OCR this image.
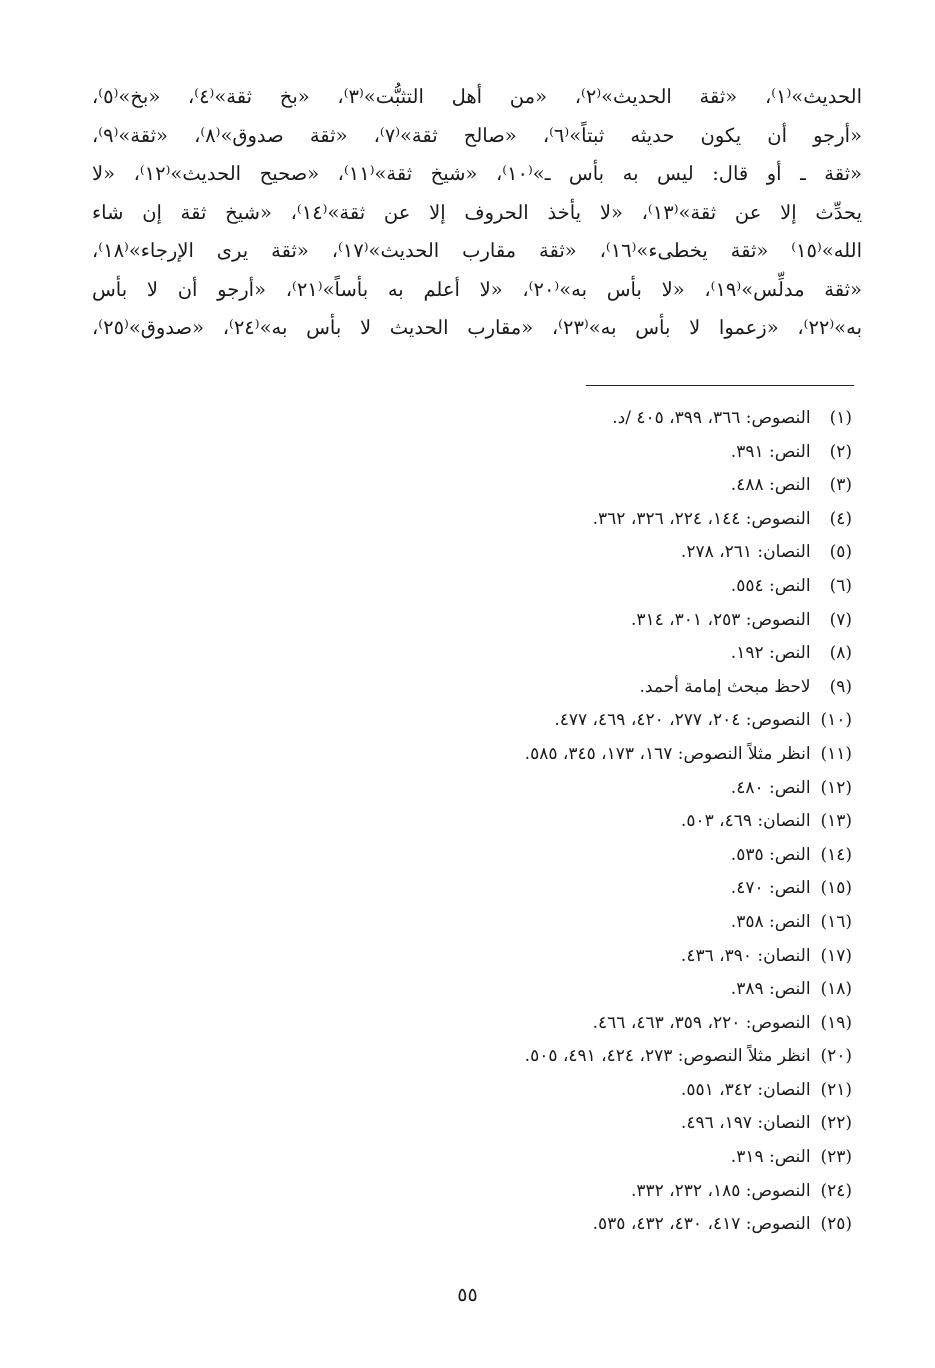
الحديث»⁽١⁾، «ثقة الحديث»⁽٢⁾، «من أهل التثبُّت»⁽٣⁾، «بخ ثقة»⁽٤⁾، «بخ»⁽٥⁾،
«أرجو أن يكون حديثه ثبتاً»⁽٦⁾، «صالح ثقة»⁽٧⁾، «ثقة صدوق»⁽٨⁾، «ثقة»⁽٩⁾،
«ثقة ـ أو قال: ليس به بأس ـ»⁽١٠⁾، «شيخ ثقة»⁽١١⁾، «صحيح الحديث»⁽١٢⁾، «لا
يحدِّث إلا عن ثقة»⁽١٣⁾، «لا يأخذ الحروف إلا عن ثقة»⁽١٤⁾، «شيخ ثقة إن شاء
الله»⁽١٥⁾ «ثقة يخطىء»⁽١٦⁾، «ثقة مقارب الحديث»⁽١٧⁾، «ثقة يرى الإرجاء»⁽١٨⁾،
«ثقة مدلِّس»⁽١٩⁾، «لا بأس به»⁽٢٠⁾، «لا أعلم به بأساً»⁽٢١⁾، «أرجو أن لا بأس
به»⁽٢٢⁾، «زعموا لا بأس به»⁽٢٣⁾، «مقارب الحديث لا بأس به»⁽٢٤⁾، «صدوق»⁽٢٥⁾،
(١) النصوص: ٣٦٦، ٣٩٩، ٤٠٥ /د.
(٢) النص: ٣٩١.
(٣) النص: ٤٨٨.
(٤) النصوص: ١٤٤، ٢٢٤، ٣٢٦، ٣٦٢.
(٥) النصان: ٢٦١، ٢٧٨.
(٦) النص: ٥٥٤.
(٧) النصوص: ٢٥٣، ٣٠١، ٣١٤.
(٨) النص: ١٩٢.
(٩) لاحظ مبحث إمامة أحمد.
(١٠) النصوص: ٢٠٤، ٢٧٧، ٤٢٠، ٤٦٩، ٤٧٧.
(١١) انظر مثلاً النصوص: ١٦٧، ١٧٣، ٣٤٥، ٥٨٥.
(١٢) النص: ٤٨٠.
(١٣) النصان: ٤٦٩، ٥٠٣.
(١٤) النص: ٥٣٥.
(١٥) النص: ٤٧٠.
(١٦) النص: ٣٥٨.
(١٧) النصان: ٣٩٠، ٤٣٦.
(١٨) النص: ٣٨٩.
(١٩) النصوص: ٢٢٠، ٣٥٩، ٤٦٣، ٤٦٦.
(٢٠) انظر مثلاً النصوص: ٢٧٣، ٤٢٤، ٤٩١، ٥٠٥.
(٢١) النصان: ٣٤٢، ٥٥١.
(٢٢) النصان: ١٩٧، ٤٩٦.
(٢٣) النص: ٣١٩.
(٢٤) النصوص: ١٨٥، ٢٣٢، ٣٣٢.
(٢٥) النصوص: ٤١٧، ٤٣٠، ٤٣٢، ٥٣٥.
٥٥
